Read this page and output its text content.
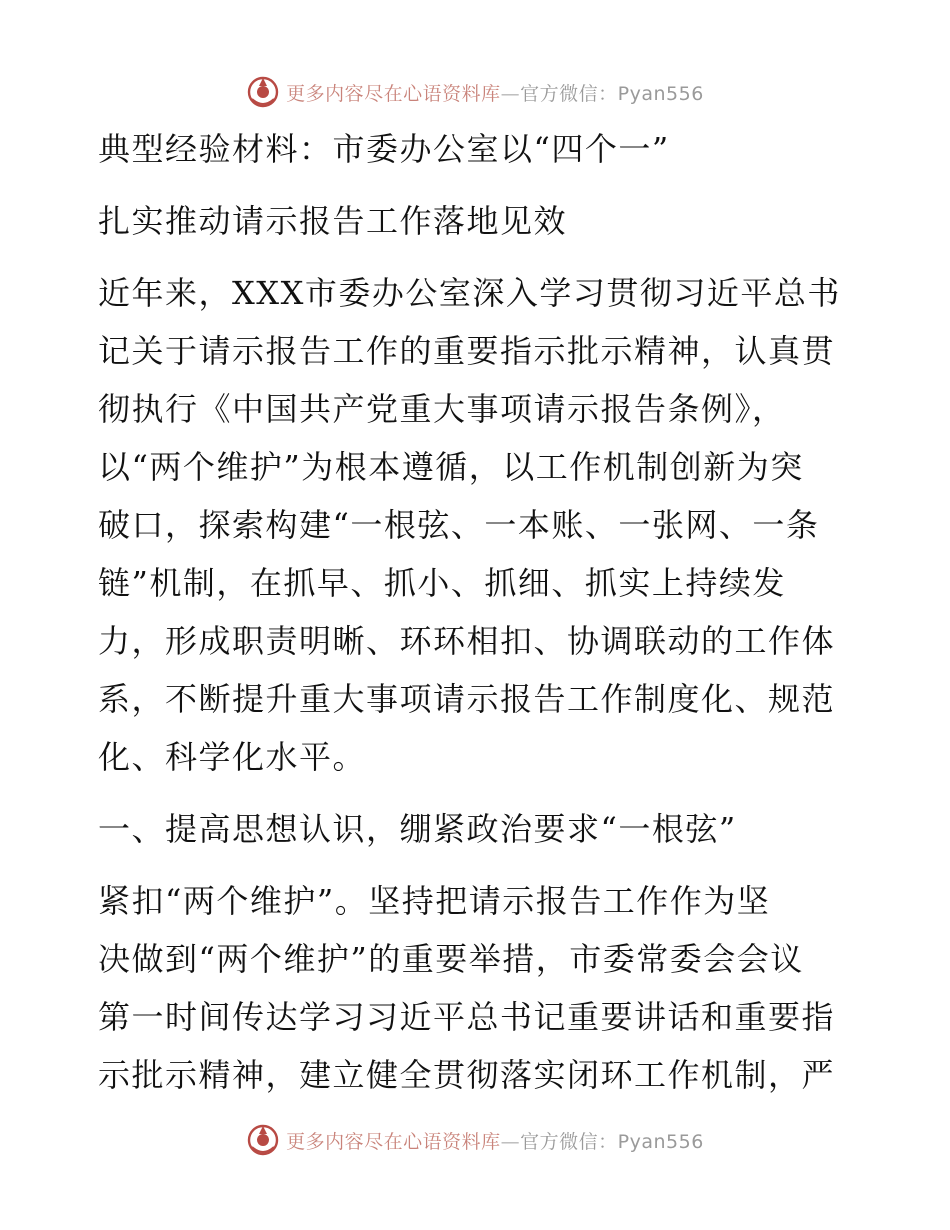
更多内容尽在心语资料库—官方微信：Pyan556
典型经验材料：市委办公室以“四个一”
扎实推动请示报告工作落地见效
近年来，XXX市委办公室深入学习贯彻习近平总书
记关于请示报告工作的重要指示批示精神，认真贯
彻执行《中国共产党重大事项请示报告条例》，
以“两个维护”为根本遵循，以工作机制创新为突
破口，探索构建“一根弦、一本账、一张网、一条
链”机制，在抓早、抓小、抓细、抓实上持续发
力，形成职责明晰、环环相扣、协调联动的工作体
系，不断提升重大事项请示报告工作制度化、规范
化、科学化水平。
一、提高思想认识，绷紧政治要求“一根弦”
紧扣“两个维护”。坚持把请示报告工作作为坚
决做到“两个维护”的重要举措，市委常委会会议
第一时间传达学习习近平总书记重要讲话和重要指
示批示精神，建立健全贯彻落实闭环工作机制，严
更多内容尽在心语资料库—官方微信：Pyan556
